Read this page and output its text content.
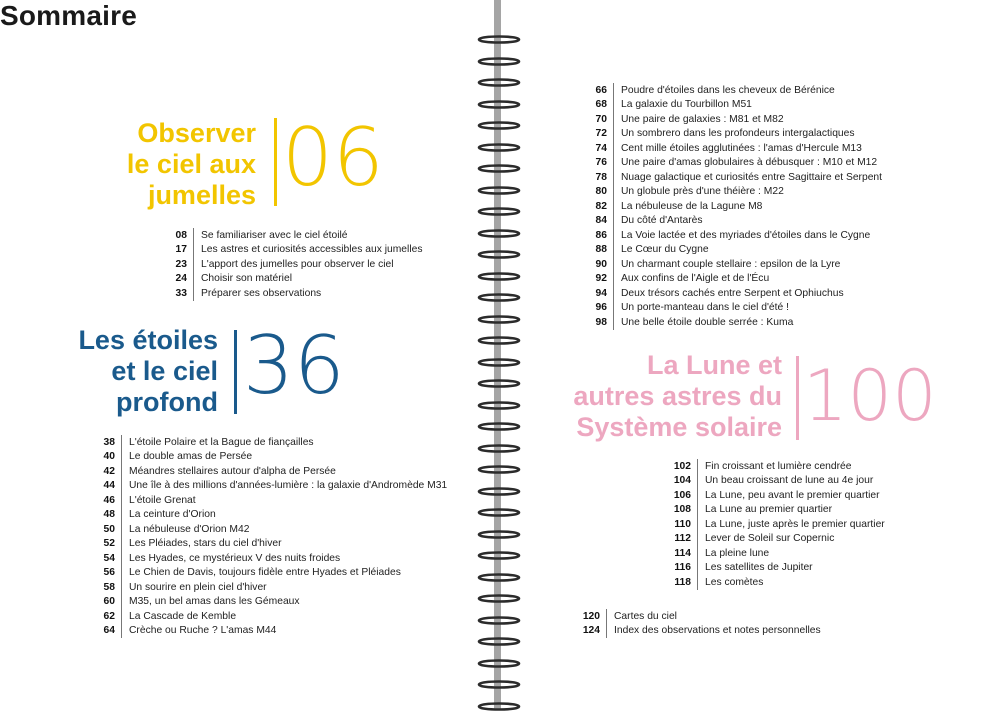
Sommaire
Observer
le ciel aux
jumelles 06
08	Se familiariser avec le ciel étoilé
17	Les astres et curiosités accessibles aux jumelles
23	L'apport des jumelles pour observer le ciel
24	Choisir son matériel
33	Préparer ses observations
Les étoiles
et le ciel
profond 36
38	L'étoile Polaire et la Bague de fiançailles
40	Le double amas de Persée
42	Méandres stellaires autour d'alpha de Persée
44	Une île à des millions d'années-lumière : la galaxie d'Andromède M31
46	L'étoile Grenat
48	La ceinture d'Orion
50	La nébuleuse d'Orion M42
52	Les Pléiades, stars du ciel d'hiver
54	Les Hyades, ce mystérieux V des nuits froides
56	Le Chien de Davis, toujours fidèle entre Hyades et Pléiades
58	Un sourire en plein ciel d'hiver
60	M35, un bel amas dans les Gémeaux
62	La Cascade de Kemble
64	Crèche ou Ruche ? L'amas M44
66	Poudre d'étoiles dans les cheveux de Bérénice
68	La galaxie du Tourbillon M51
70	Une paire de galaxies : M81 et M82
72	Un sombrero dans les profondeurs intergalactiques
74	Cent mille étoiles agglutinées : l'amas d'Hercule M13
76	Une paire d'amas globulaires à débusquer : M10 et M12
78	Nuage galactique et curiosités entre Sagittaire et Serpent
80	Un globule près d'une théière : M22
82	La nébuleuse de la Lagune M8
84	Du côté d'Antarès
86	La Voie lactée et des myriades d'étoiles dans le Cygne
88	Le Cœur du Cygne
90	Un charmant couple stellaire : epsilon de la Lyre
92	Aux confins de l'Aigle et de l'Écu
94	Deux trésors cachés entre Serpent et Ophiuchus
96	Un porte-manteau dans le ciel d'été !
98	Une belle étoile double serrée : Kuma
La Lune et
autres astres du
Système solaire 100
102	Fin croissant et lumière cendrée
104	Un beau croissant de lune au 4e jour
106	La Lune, peu avant le premier quartier
108	La Lune au premier quartier
110	La Lune, juste après le premier quartier
112	Lever de Soleil sur Copernic
114	La pleine lune
116	Les satellites de Jupiter
118	Les comètes
120	Cartes du ciel
124	Index des observations et notes personnelles
